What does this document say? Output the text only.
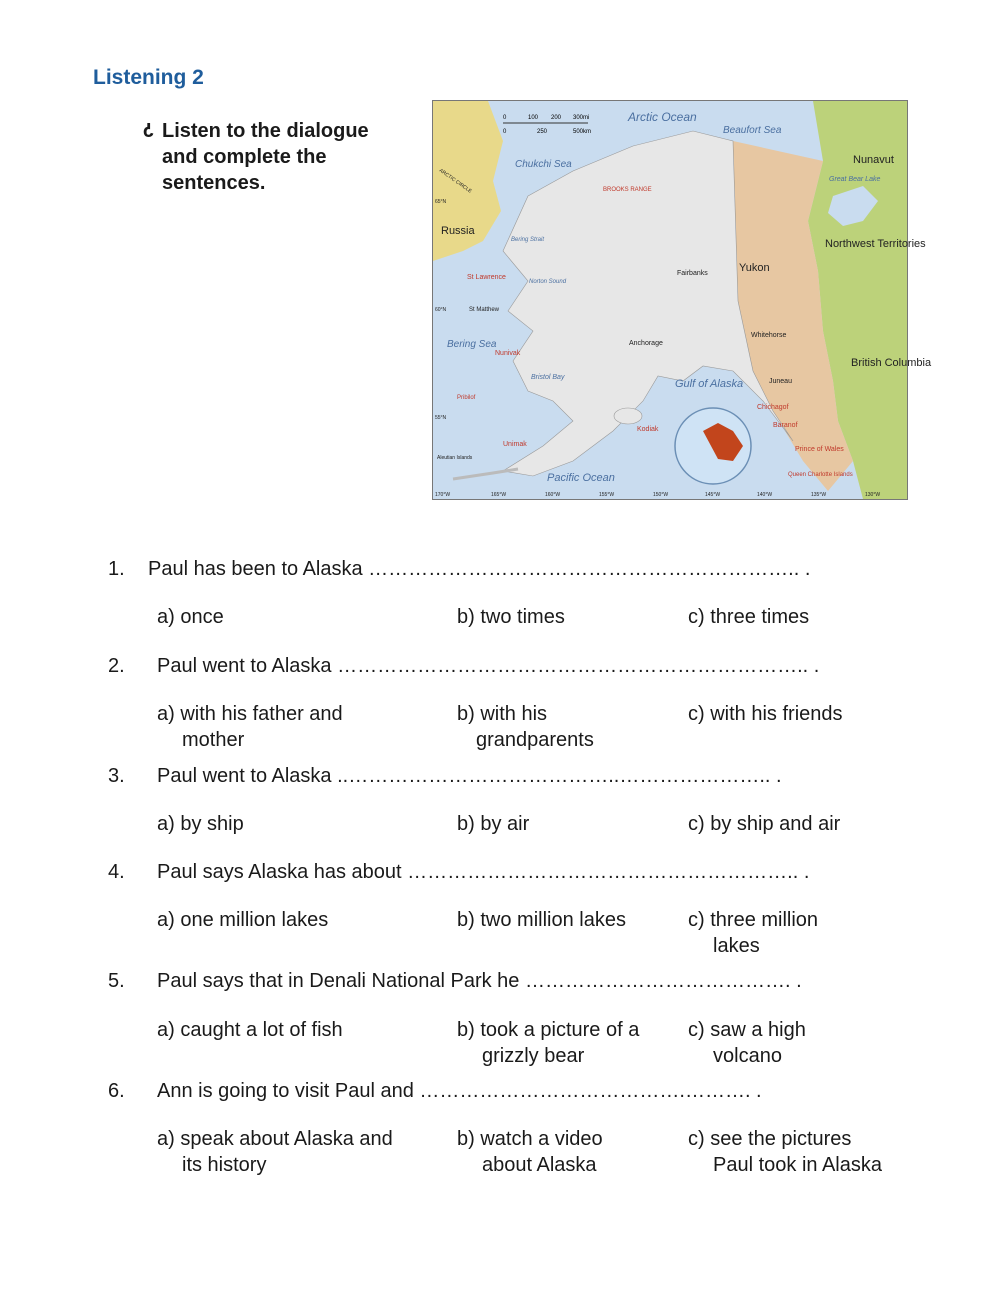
Listening 2
ʖ Listen to the dialogue
and complete the
sentences.
0	100 200 300mi
0	250	500km
Arctic Ocean
Beaufort Sea
Chukchi Sea
Bering Sea
Gulf of Alaska
Pacific Ocean
Bristol Bay
Norton Sound
Bering Strait
Russia
Yukon
Nunavut
Northwest Territories
British Columbia
Great Bear Lake
BROOKS RANGE
Anchorage
Fairbanks
Kodiak
Juneau
Whitehorse
St Lawrence
Nunivak
Unimak
Pribilof
St Matthew
Chichagof
Baranof
Prince of Wales
Queen Charlotte Islands
Aleutian Islands
ARCTIC CIRCLE
65°N
60°N
55°N
170°W	165°W	160°W	155°W	150°W	145°W	140°W	135°W	130°W
1. Paul has been to Alaska ……………………………………………………….. .
a) once	b) two times	c) three times
2. Paul went to Alaska …………………………………………………………….. .
a) with his father and
mother
b) with his
grandparents
c) with his friends
3. Paul went to Alaska ..…………………………………..………………….. .
a) by ship	b) by air	c) by ship and air
4. Paul says Alaska has about ………………………………………………….. .
a) one million lakes	b) two million lakes	c) three million
lakes
5. Paul says that in Denali National Park he …………………………………. .
a) caught a lot of fish	b) took a picture of a
grizzly bear
c) saw a high
volcano
6. Ann is going to visit Paul and ………………………………….………. .
a) speak about Alaska and
its history
b) watch a video
about Alaska
c) see the pictures
Paul took in Alaska
